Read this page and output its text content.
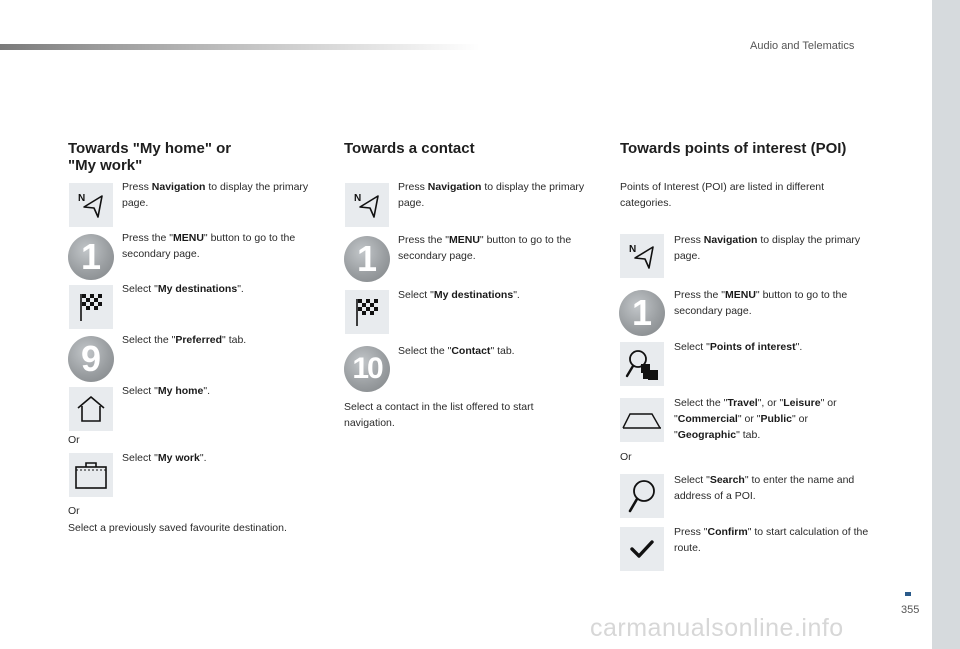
Audio and Telematics
355
Towards "My home" or
"My work"
N
Press Navigation to display the primary page.
1	Press the "MENU" button to go to the secondary page.
Select "My destinations".
9	Select the "Preferred" tab.
Select "My home".
Or
Select "My work".
Or
Select a previously saved favourite destination.
Towards a contact
N
Press Navigation to display the primary page.
1	Press the "MENU" button to go to the secondary page.
Select "My destinations".
10
Select the "Contact" tab.
Select a contact in the list offered to start navigation.
Towards points of interest (POI)
Points of Interest (POI) are listed in different categories.
N
Press Navigation to display the primary page.
1	Press the "MENU" button to go to the secondary page.
Select "Points of interest".
Select the "Travel", or "Leisure" or "Commercial" or "Public" or "Geographic" tab.
Or
Select "Search" to enter the name and address of a POI.
Press "Confirm" to start calculation of the route.
carmanualsonline.info
